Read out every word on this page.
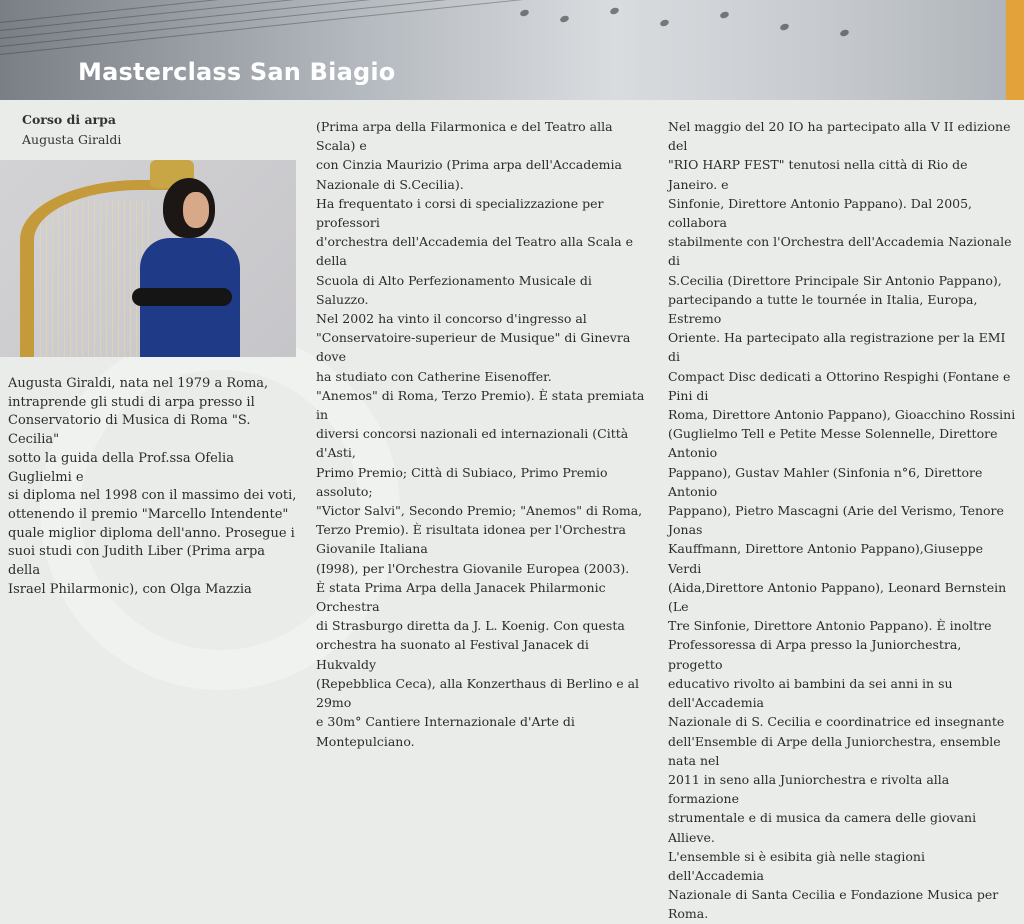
Masterclass San Biagio
Corso di arpa
Augusta Giraldi
Augusta Giraldi, nata nel 1979 a Roma,
intraprende gli studi di arpa presso il
Conservatorio di Musica di Roma "S. Cecilia"
sotto la guida della Prof.ssa Ofelia Guglielmi e
si diploma nel 1998 con il massimo dei voti,
ottenendo il premio "Marcello Intendente"
quale miglior diploma dell'anno. Prosegue i
suoi studi con Judith Liber (Prima arpa della
Israel Philarmonic), con Olga Mazzia
(Prima arpa della Filarmonica e del Teatro alla Scala) e
con Cinzia Maurizio (Prima arpa dell'Accademia
Nazionale di S.Cecilia).
Ha frequentato i corsi di specializzazione per professori
d'orchestra dell'Accademia del Teatro alla Scala e della
Scuola di Alto Perfezionamento Musicale di Saluzzo.
Nel 2002 ha vinto il concorso d'ingresso al
"Conservatoire-superieur de Musique" di Ginevra dove
ha studiato con Catherine Eisenoffer.
"Anemos" di Roma, Terzo Premio). È stata premiata in
diversi concorsi nazionali ed internazionali (Città d'Asti,
Primo Premio; Città di Subiaco, Primo Premio assoluto;
"Victor Salvi", Secondo Premio; "Anemos" di Roma,
Terzo Premio). È risultata idonea per l'Orchestra
Giovanile Italiana
(I998), per l'Orchestra Giovanile Europea (2003).
È stata Prima Arpa della Janacek Philarmonic Orchestra
di Strasburgo diretta da J. L. Koenig. Con questa
orchestra ha suonato al Festival Janacek di Hukvaldy
(Repebblica Ceca), alla Konzerthaus di Berlino e al 29mo
e 30m° Cantiere Internazionale d'Arte di Montepulciano.
Nel maggio del 20 IO ha partecipato alla V II edizione del
"RIO HARP FEST" tenutosi nella città di Rio de Janeiro. e
Sinfonie, Direttore Antonio Pappano). Dal 2005, collabora
stabilmente con l'Orchestra dell'Accademia Nazionale di
S.Cecilia (Direttore Principale Sir Antonio Pappano),
partecipando a tutte le tournée in Italia, Europa, Estremo
Oriente. Ha partecipato alla registrazione per la EMI di
Compact Disc dedicati a Ottorino Respighi (Fontane e Pini di
Roma, Direttore Antonio Pappano), Gioacchino Rossini
(Guglielmo Tell e Petite Messe Solennelle, Direttore Antonio
Pappano), Gustav Mahler (Sinfonia n°6, Direttore Antonio
Pappano), Pietro Mascagni (Arie del Verismo, Tenore Jonas
Kauffmann, Direttore Antonio Pappano),Giuseppe Verdi
(Aida,Direttore Antonio Pappano), Leonard Bernstein (Le
Tre Sinfonie, Direttore Antonio Pappano). È inoltre
Professoressa di Arpa presso la Juniorchestra, progetto
educativo rivolto ai bambini da sei anni in su dell'Accademia
Nazionale di S. Cecilia e coordinatrice ed insegnante
dell'Ensemble di Arpe della Juniorchestra, ensemble nata nel
2011 in seno alla Juniorchestra e rivolta alla formazione
strumentale e di musica da camera delle giovani Allieve.
L'ensemble si è esibita già nelle stagioni dell'Accademia
Nazionale di Santa Cecilia e Fondazione Musica per Roma.
